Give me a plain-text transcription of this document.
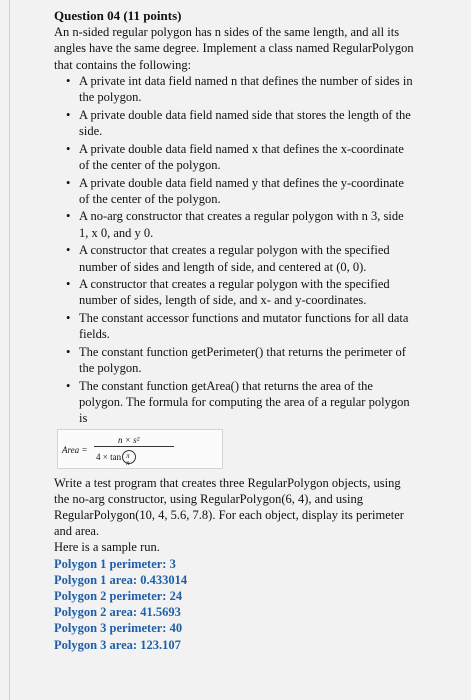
Question 04 (11 points)

An n-sided regular polygon has n sides of the same length, and all its angles have the same degree. Implement a class named RegularPolygon that contains the following:

• A private int data field named n that defines the number of sides in the polygon.
• A private double data field named side that stores the length of the side.
• A private double data field named x that defines the x-coordinate of the center of the polygon.
• A private double data field named y that defines the y-coordinate of the center of the polygon.
• A no-arg constructor that creates a regular polygon with n 3, side 1, x 0, and y 0.
• A constructor that creates a regular polygon with the specified number of sides and length of side, and centered at (0, 0).
• A constructor that creates a regular polygon with the specified number of sides, length of side, and x- and y-coordinates.
• The constant accessor functions and mutator functions for all data fields.
• The constant function getPerimeter() that returns the perimeter of the polygon.
• The constant function getArea() that returns the area of the polygon. The formula for computing the area of a regular polygon is
Area =
n × s²
4 × tan π
n

Write a test program that creates three RegularPolygon objects, using the no-arg constructor, using RegularPolygon(6, 4), and using RegularPolygon(10, 4, 5.6, 7.8). For each object, display its perimeter and area.

Here is a sample run.

Polygon 1 perimeter: 3
Polygon 1 area: 0.433014
Polygon 2 perimeter: 24
Polygon 2 area: 41.5693
Polygon 3 perimeter: 40
Polygon 3 area: 123.107
